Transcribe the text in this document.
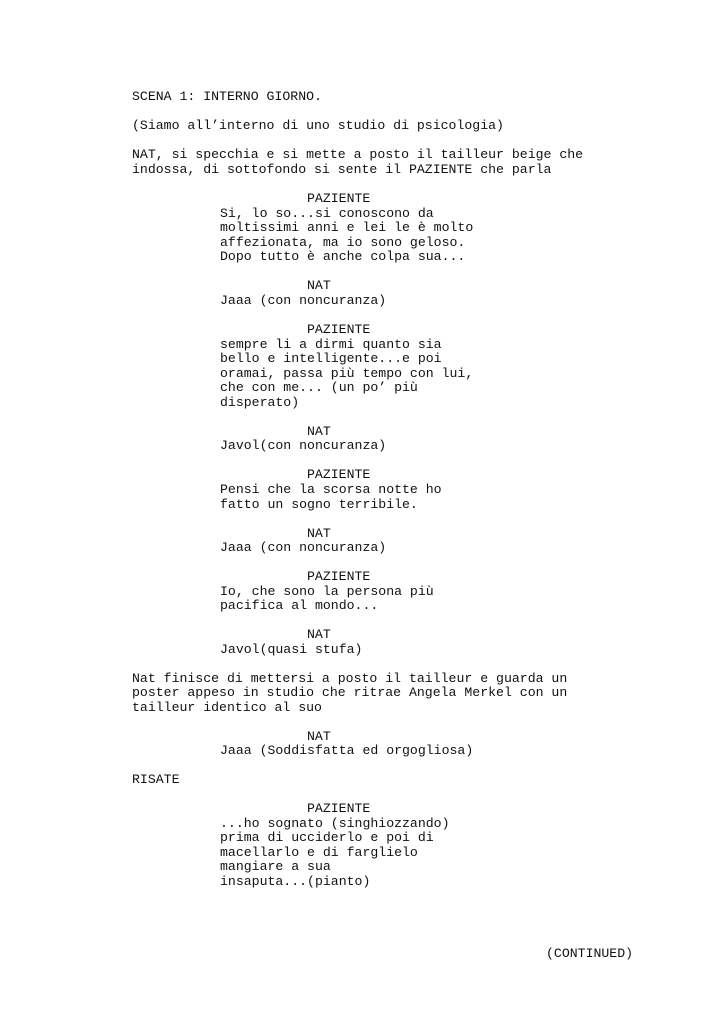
SCENA 1: INTERNO GIORNO.
(Siamo all’interno di uno studio di psicologia)
NAT, si specchia e si mette a posto il tailleur beige che
indossa, di sottofondo si sente il PAZIENTE che parla
PAZIENTE
Si, lo so...si conoscono da
moltissimi anni e lei le è molto
affezionata, ma io sono geloso.
Dopo tutto è anche colpa sua...
NAT
Jaaa (con noncuranza)
PAZIENTE
sempre li a dirmi quanto sia
bello e intelligente...e poi
oramai, passa più tempo con lui,
che con me... (un po’ più
disperato)
NAT
Javol(con noncuranza)
PAZIENTE
Pensi che la scorsa notte ho
fatto un sogno terribile.
NAT
Jaaa (con noncuranza)
PAZIENTE
Io, che sono la persona più
pacifica al mondo...
NAT
Javol(quasi stufa)
Nat finisce di mettersi a posto il tailleur e guarda un
poster appeso in studio che ritrae Angela Merkel con un
tailleur identico al suo
NAT
Jaaa (Soddisfatta ed orgogliosa)
RISATE
PAZIENTE
...ho sognato (singhiozzando)
prima di ucciderlo e poi di
macellarlo e di farglielo
mangiare a sua
insaputa...(pianto)
(CONTINUED)
